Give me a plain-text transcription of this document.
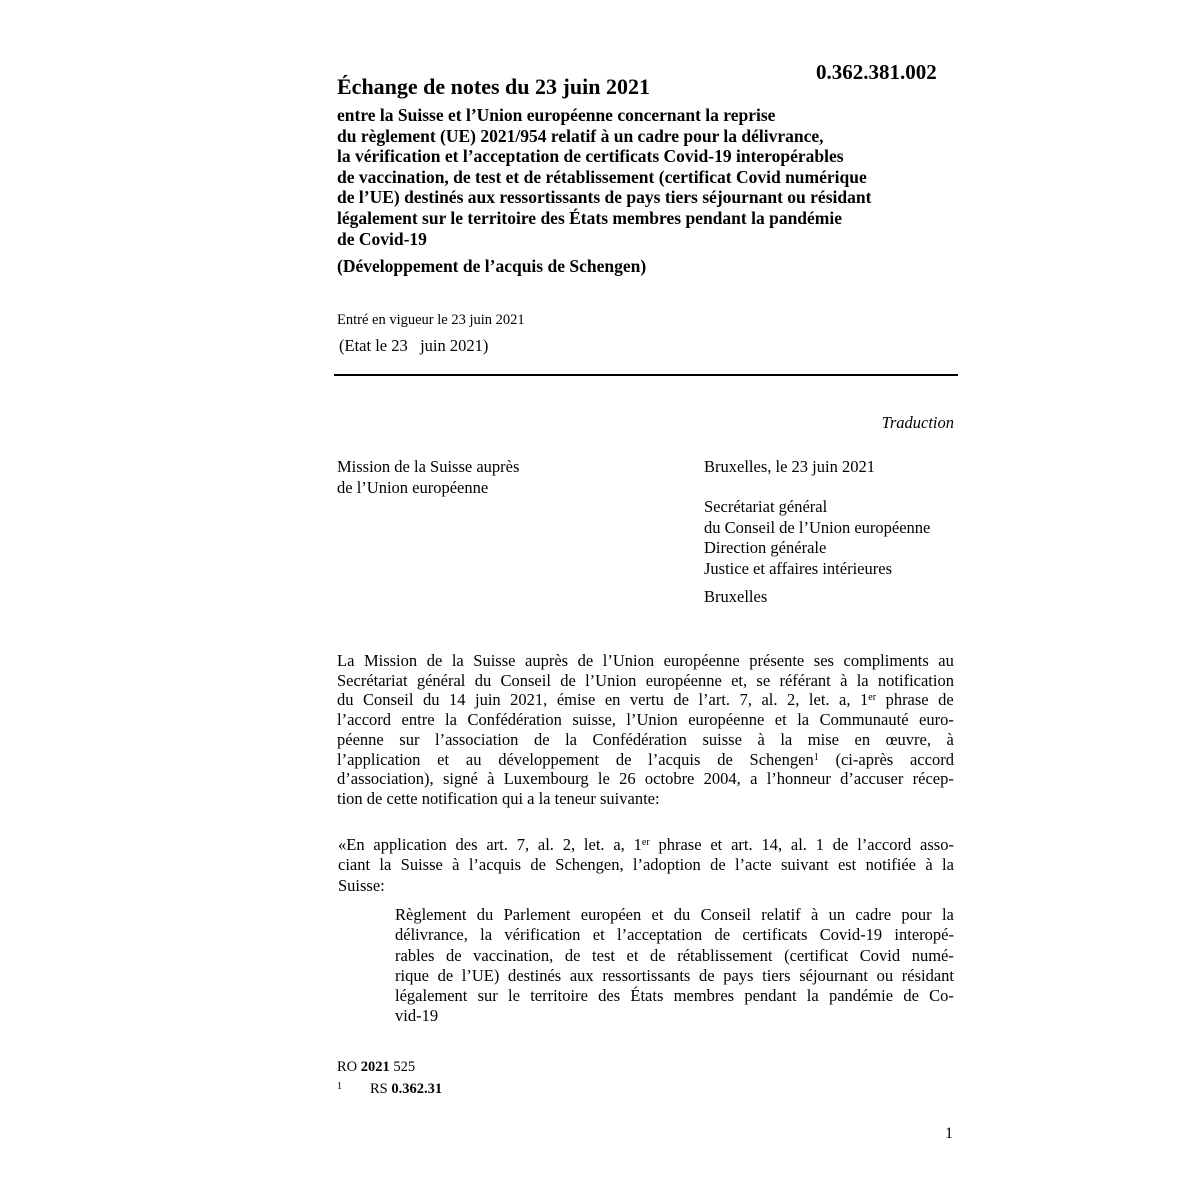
0.362.381.002
Échange de notes du 23 juin 2021
entre la Suisse et l’Union européenne concernant la reprise
du règlement (UE) 2021/954 relatif à un cadre pour la délivrance,
la vérification et l’acceptation de certificats Covid-19 interopérables
de vaccination, de test et de rétablissement (certificat Covid numérique
de l’UE) destinés aux ressortissants de pays tiers séjournant ou résidant
légalement sur le territoire des États membres pendant la pandémie
de Covid-19
(Développement de l’acquis de Schengen)
Entré en vigueur le 23 juin 2021
(Etat le 23   juin 2021)
Traduction
Mission de la Suisse auprès
de l’Union européenne
Bruxelles, le 23 juin 2021
Secrétariat général
du Conseil de l’Union européenne
Direction générale
Justice et affaires intérieures
Bruxelles
La Mission de la Suisse auprès de l’Union européenne présente ses compliments au
Secrétariat général du Conseil de l’Union européenne et, se référant à la notification
du Conseil du 14 juin 2021, émise en vertu de l’art. 7, al. 2, let. a, 1er phrase de
l’accord entre la Confédération suisse, l’Union européenne et la Communauté euro-
péenne sur l’association de la Confédération suisse à la mise en œuvre, à
l’application et au développement de l’acquis de Schengen$^1$ (ci-après accord
d’association), signé à Luxembourg le 26 octobre 2004, a l’honneur d’accuser récep-
tion de cette notification qui a la teneur suivante:
«En application des art. 7, al. 2, let. a, 1er phrase et art. 14, al. 1 de l’accord asso-
ciant la Suisse à l’acquis de Schengen, l’adoption de l’acte suivant est notifiée à la
Suisse:
Règlement du Parlement européen et du Conseil relatif à un cadre pour la
délivrance, la vérification et l’acceptation de certificats Covid-19 interopé-
rables de vaccination, de test et de rétablissement (certificat Covid numé-
rique de l’UE) destinés aux ressortissants de pays tiers séjournant ou résidant
légalement sur le territoire des États membres pendant la pandémie de Co-
vid-19
RO 2021 525
1 RS 0.362.31
1
